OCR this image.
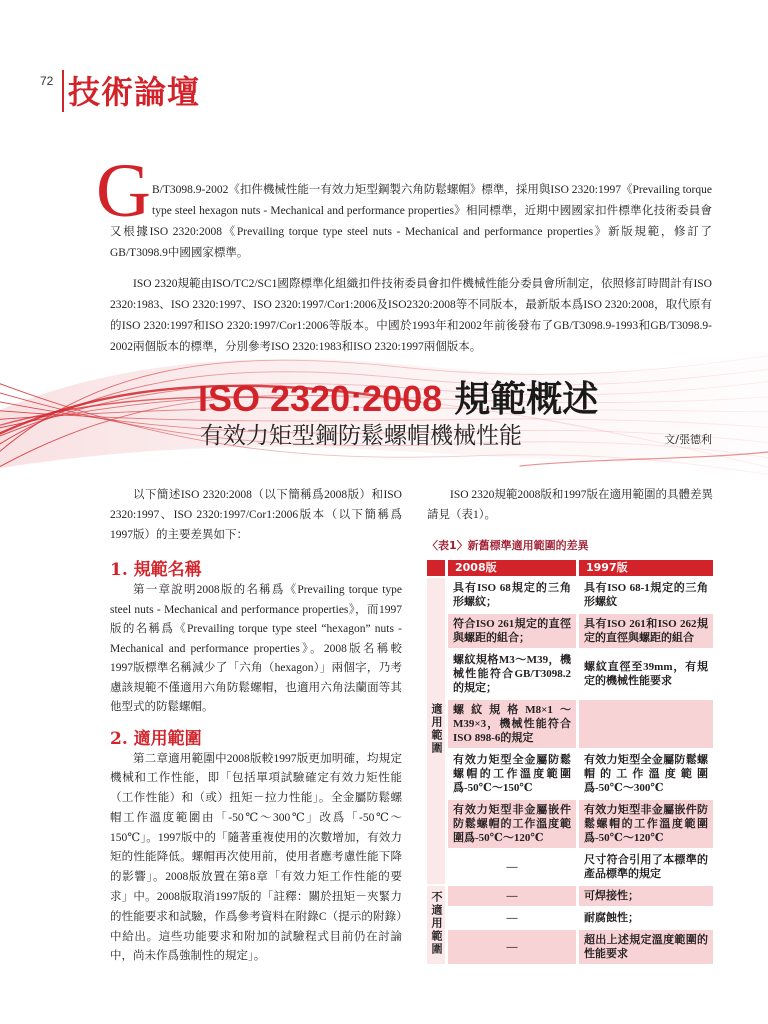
72 技術論壇
G B/T3098.9-2002《扣件機械性能一有效力矩型鋼製六角防鬆螺帽》標準，採用與ISO 2320:1997《Prevailing torque type steel hexagon nuts - Mechanical and performance properties》相同標準，近期中國國家扣件標準化技術委員會又根據ISO 2320:2008《Prevailing torque type steel nuts - Mechanical and performance properties》新版規範，修訂了GB/T3098.9中國國家標準。

ISO 2320規範由ISO/TC2/SC1國際標準化組織扣件技術委員會扣件機械性能分委員會所制定，依照修訂時間計有ISO 2320:1983、ISO 2320:1997、ISO 2320:1997/Cor1:2006及ISO2320:2008等不同版本，最新版本爲ISO 2320:2008，取代原有的ISO 2320:1997和ISO 2320:1997/Cor1:2006等版本。中國於1993年和2002年前後發布了GB/T3098.9-1993和GB/T3098.9-2002兩個版本的標準，分別參考ISO 2320:1983和ISO 2320:1997兩個版本。

ISO 2320:2008 規範概述
有效力矩型鋼防鬆螺帽機械性能	文/張德利

以下簡述ISO 2320:2008（以下簡稱爲2008版）和ISO 2320:1997、ISO 2320:1997/Cor1:2006版本（以下簡稱爲1997版）的主要差異如下：

1. 規範名稱

第一章說明2008版的名稱爲《Prevailing torque type steel nuts - Mechanical and performance properties》，而1997版的名稱爲《Prevailing torque type steel “hexagon” nuts - Mechanical and performance properties》。2008版名稱較1997版標準名稱減少了「六角（hexagon）」兩個字，乃考慮該規範不僅適用六角防鬆螺帽，也適用六角法蘭面等其他型式的防鬆螺帽。

2. 適用範圍

第二章適用範圍中2008版較1997版更加明確，均規定機械和工作性能，即「包括單項試驗確定有效力矩性能（工作性能）和（或）扭矩－拉力性能」。全金屬防鬆螺帽工作溫度範圍由「-50℃～300℃」改爲「-50℃～150℃」。1997版中的「隨著重複使用的次數增加，有效力矩的性能降低。螺帽再次使用前，使用者應考慮性能下降的影響」。2008版放置在第8章「有效力矩工作性能的要求」中。2008版取消1997版的「註釋：關於扭矩－夾緊力的性能要求和試驗，作爲參考資料在附錄C（提示的附錄）中給出。這些功能要求和附加的試驗程式目前仍在討論中，尚未作爲強制性的規定」。

ISO 2320規範2008版和1997版在適用範圍的具體差異請見（表1）。

〈表1〉新舊標準適用範圍的差異
	2008版	1997版
適用範圍	具有ISO 68規定的三角形螺紋；	具有ISO 68-1規定的三角形螺紋
	符合ISO 261規定的直徑與螺距的組合；	具有ISO 261和ISO 262規定的直徑與螺距的組合
	螺紋規格M3～M39，機械性能符合GB/T3098.2的規定；	螺紋直徑至39mm，有規定的機械性能要求
	螺紋規格M8×1～M39×3，機械性能符合ISO 898-6的規定	
	有效力矩型全金屬防鬆螺帽的工作溫度範圍爲-50℃～150℃	有效力矩型全金屬防鬆螺帽的工作溫度範圍爲-50℃～300℃
	有效力矩型非金屬嵌件防鬆螺帽的工作溫度範圍爲-50℃～120℃	有效力矩型非金屬嵌件防鬆螺帽的工作溫度範圍爲-50℃～120℃
	—	尺寸符合引用了本標準的產品標準的規定
不適用範圍	—	可焊接性；
	—	耐腐蝕性；
	—	超出上述規定溫度範圍的性能要求
